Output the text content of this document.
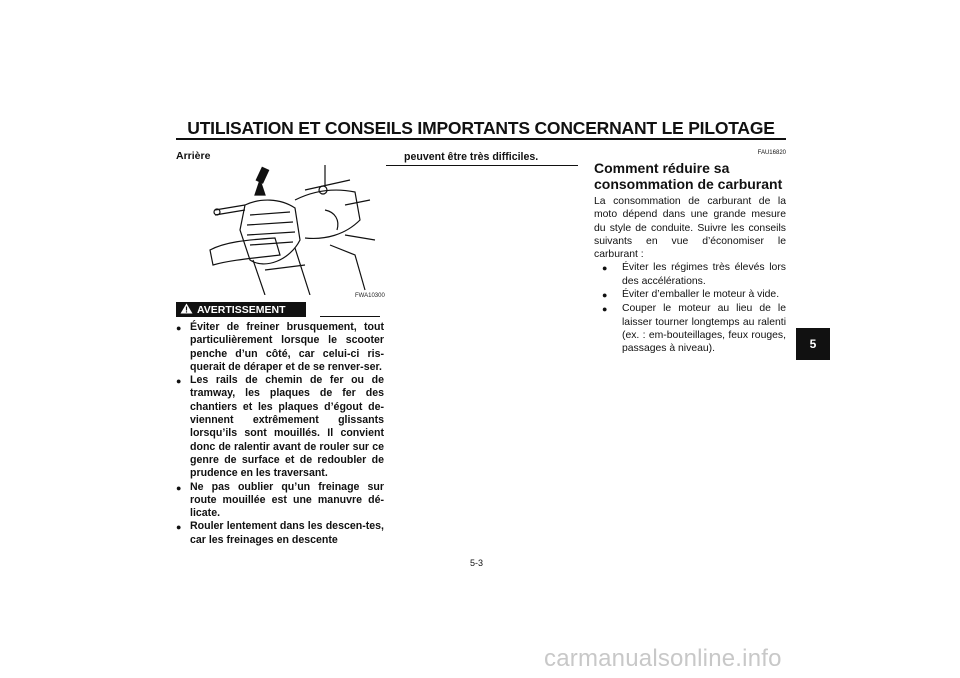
UTILISATION ET CONSEILS IMPORTANTS CONCERNANT LE PILOTAGE
Arrière
FWA10300
AVERTISSEMENT
● Éviter de freiner brusquement, tout particulièrement lorsque le scooter penche d’un côté, car celui-ci ris-querait de déraper et de se renver-ser.
● Les rails de chemin de fer ou de tramway, les plaques de fer des chantiers et les plaques d’égout de-viennent extrêmement glissants lorsqu’ils sont mouillés. Il convient donc de ralentir avant de rouler sur ce genre de surface et de redoubler de prudence en les traversant.
● Ne pas oublier qu’un freinage sur route mouillée est une manuvre dé-licate.
● Rouler lentement dans les descen-tes, car les freinages en descente
peuvent être très difficiles.	FAU16820
Comment réduire sa consommation de carburant
La consommation de carburant de la moto dépend dans une grande mesure du style de conduite. Suivre les conseils suivants en vue d’économiser le carburant :
●	Éviter les régimes très élevés lors des accélérations.
●	Éviter d’emballer le moteur à vide.
●	Couper le moteur au lieu de le laisser tourner longtemps au ralenti (ex. : em-bouteillages, feux rouges, passages à niveau).	5
5-3
carmanualsonline.info
